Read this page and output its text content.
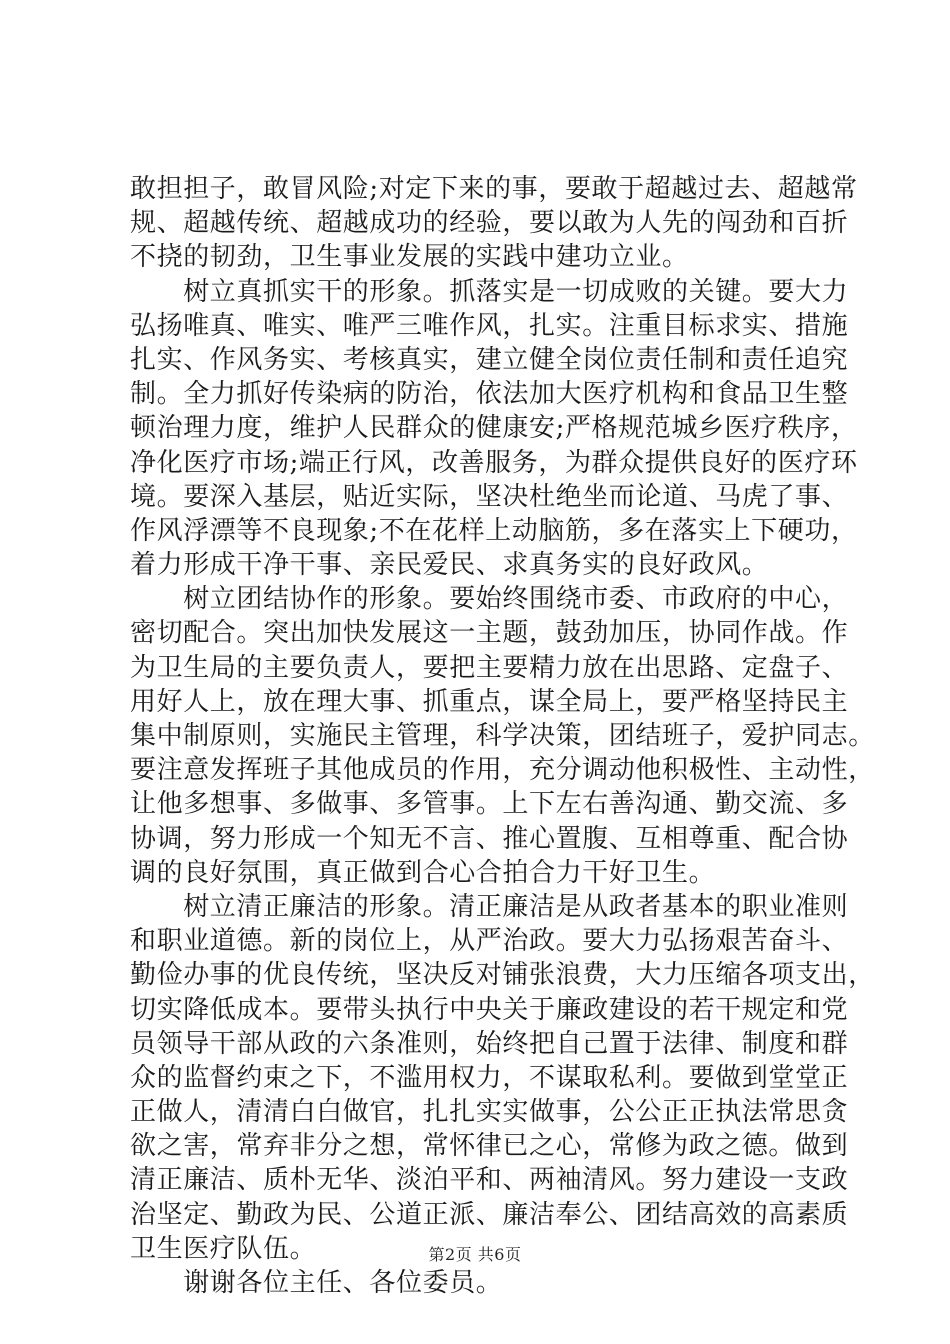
敢担担子，敢冒风险;对定下来的事，要敢于超越过去、超越常
规、超越传统、超越成功的经验，要以敢为人先的闯劲和百折
不挠的韧劲，卫生事业发展的实践中建功立业。
　　树立真抓实干的形象。抓落实是一切成败的关键。要大力
弘扬唯真、唯实、唯严三唯作风，扎实。注重目标求实、措施
扎实、作风务实、考核真实，建立健全岗位责任制和责任追究
制。全力抓好传染病的防治，依法加大医疗机构和食品卫生整
顿治理力度，维护人民群众的健康安;严格规范城乡医疗秩序，
净化医疗市场;端正行风，改善服务，为群众提供良好的医疗环
境。要深入基层，贴近实际，坚决杜绝坐而论道、马虎了事、
作风浮漂等不良现象;不在花样上动脑筋，多在落实上下硬功，
着力形成干净干事、亲民爱民、求真务实的良好政风。
　　树立团结协作的形象。要始终围绕市委、市政府的中心，
密切配合。突出加快发展这一主题，鼓劲加压，协同作战。作
为卫生局的主要负责人，要把主要精力放在出思路、定盘子、
用好人上，放在理大事、抓重点，谋全局上，要严格坚持民主
集中制原则，实施民主管理，科学决策，团结班子，爱护同志。
要注意发挥班子其他成员的作用，充分调动他积极性、主动性，
让他多想事、多做事、多管事。上下左右善沟通、勤交流、多
协调，努力形成一个知无不言、推心置腹、互相尊重、配合协
调的良好氛围，真正做到合心合拍合力干好卫生。
　　树立清正廉洁的形象。清正廉洁是从政者基本的职业准则
和职业道德。新的岗位上，从严治政。要大力弘扬艰苦奋斗、
勤俭办事的优良传统，坚决反对铺张浪费，大力压缩各项支出，
切实降低成本。要带头执行中央关于廉政建设的若干规定和党
员领导干部从政的六条准则，始终把自己置于法律、制度和群
众的监督约束之下，不滥用权力，不谋取私利。要做到堂堂正
正做人，清清白白做官，扎扎实实做事，公公正正执法常思贪
欲之害，常弃非分之想，常怀律已之心，常修为政之德。做到
清正廉洁、质朴无华、淡泊平和、两袖清风。努力建设一支政
治坚定、勤政为民、公道正派、廉洁奉公、团结高效的高素质
卫生医疗队伍。
　　谢谢各位主任、各位委员。
第2页 共6页
